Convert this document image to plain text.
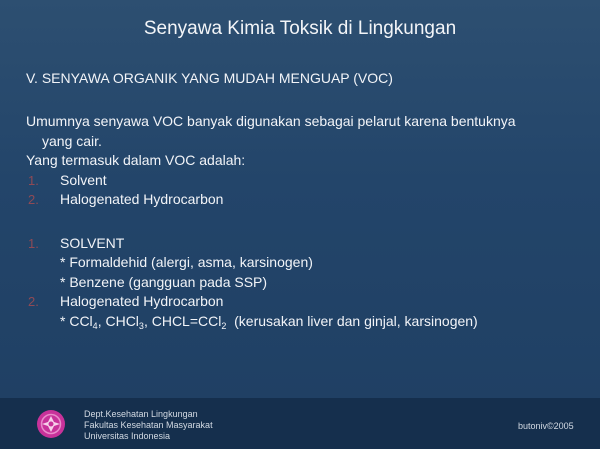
Senyawa Kimia Toksik di Lingkungan
V. SENYAWA ORGANIK YANG MUDAH MENGUAP (VOC)

Umumnya senyawa VOC banyak digunakan sebagai pelarut karena bentuknya

yang cair.

Yang termasuk dalam VOC adalah:

1. Solvent

2. Halogenated Hydrocarbon

1. SOLVENT

* Formaldehid (alergi, asma, karsinogen)

* Benzene (gangguan pada SSP)

2. Halogenated Hydrocarbon

* CCl$_4$, CHCl$_3$, CHCL=CCl$_2$  (kerusakan liver dan ginjal, karsinogen)

Dept.Kesehatan Lingkungan
Fakultas Kesehatan Masyarakat
Universitas Indonesia
butoniv©2005
